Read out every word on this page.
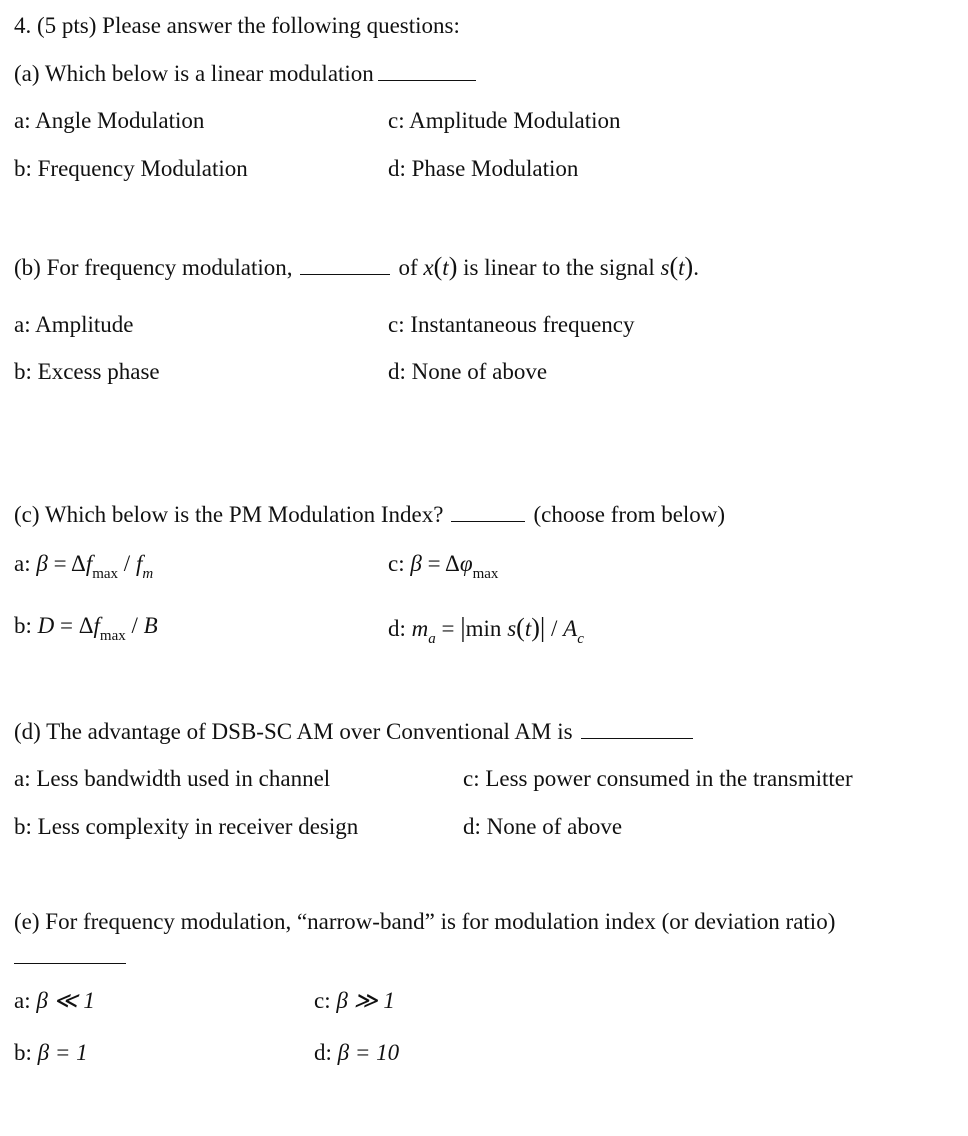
4. (5 pts) Please answer the following questions:
(a) Which below is a linear modulation
a: Angle Modulation
b: Frequency Modulation
c: Amplitude Modulation
d: Phase Modulation
(b) For frequency modulation,	of x(t) is linear to the signal s(t).
a: Amplitude
b: Excess phase
c: Instantaneous frequency
d: None of above
(c) Which below is the PM Modulation Index?	(choose from below)
a: $\beta = \Delta f_{max} / f_m$
b: $D = \Delta f_{max} / B$
c: $\beta = \Delta\varphi_{max}$
d: $m_a = |\min$ $s(t)| / A_c$
(d) The advantage of DSB-SC AM over Conventional AM is
a: Less bandwidth used in channel
b: Less complexity in receiver design
c: Less power consumed in the transmitter
d: None of above
(e) For frequency modulation, “narrow-band” is for modulation index (or deviation ratio)
a: β ≪ 1
b: β = 1
c: β ≫ 1
d: β = 10
